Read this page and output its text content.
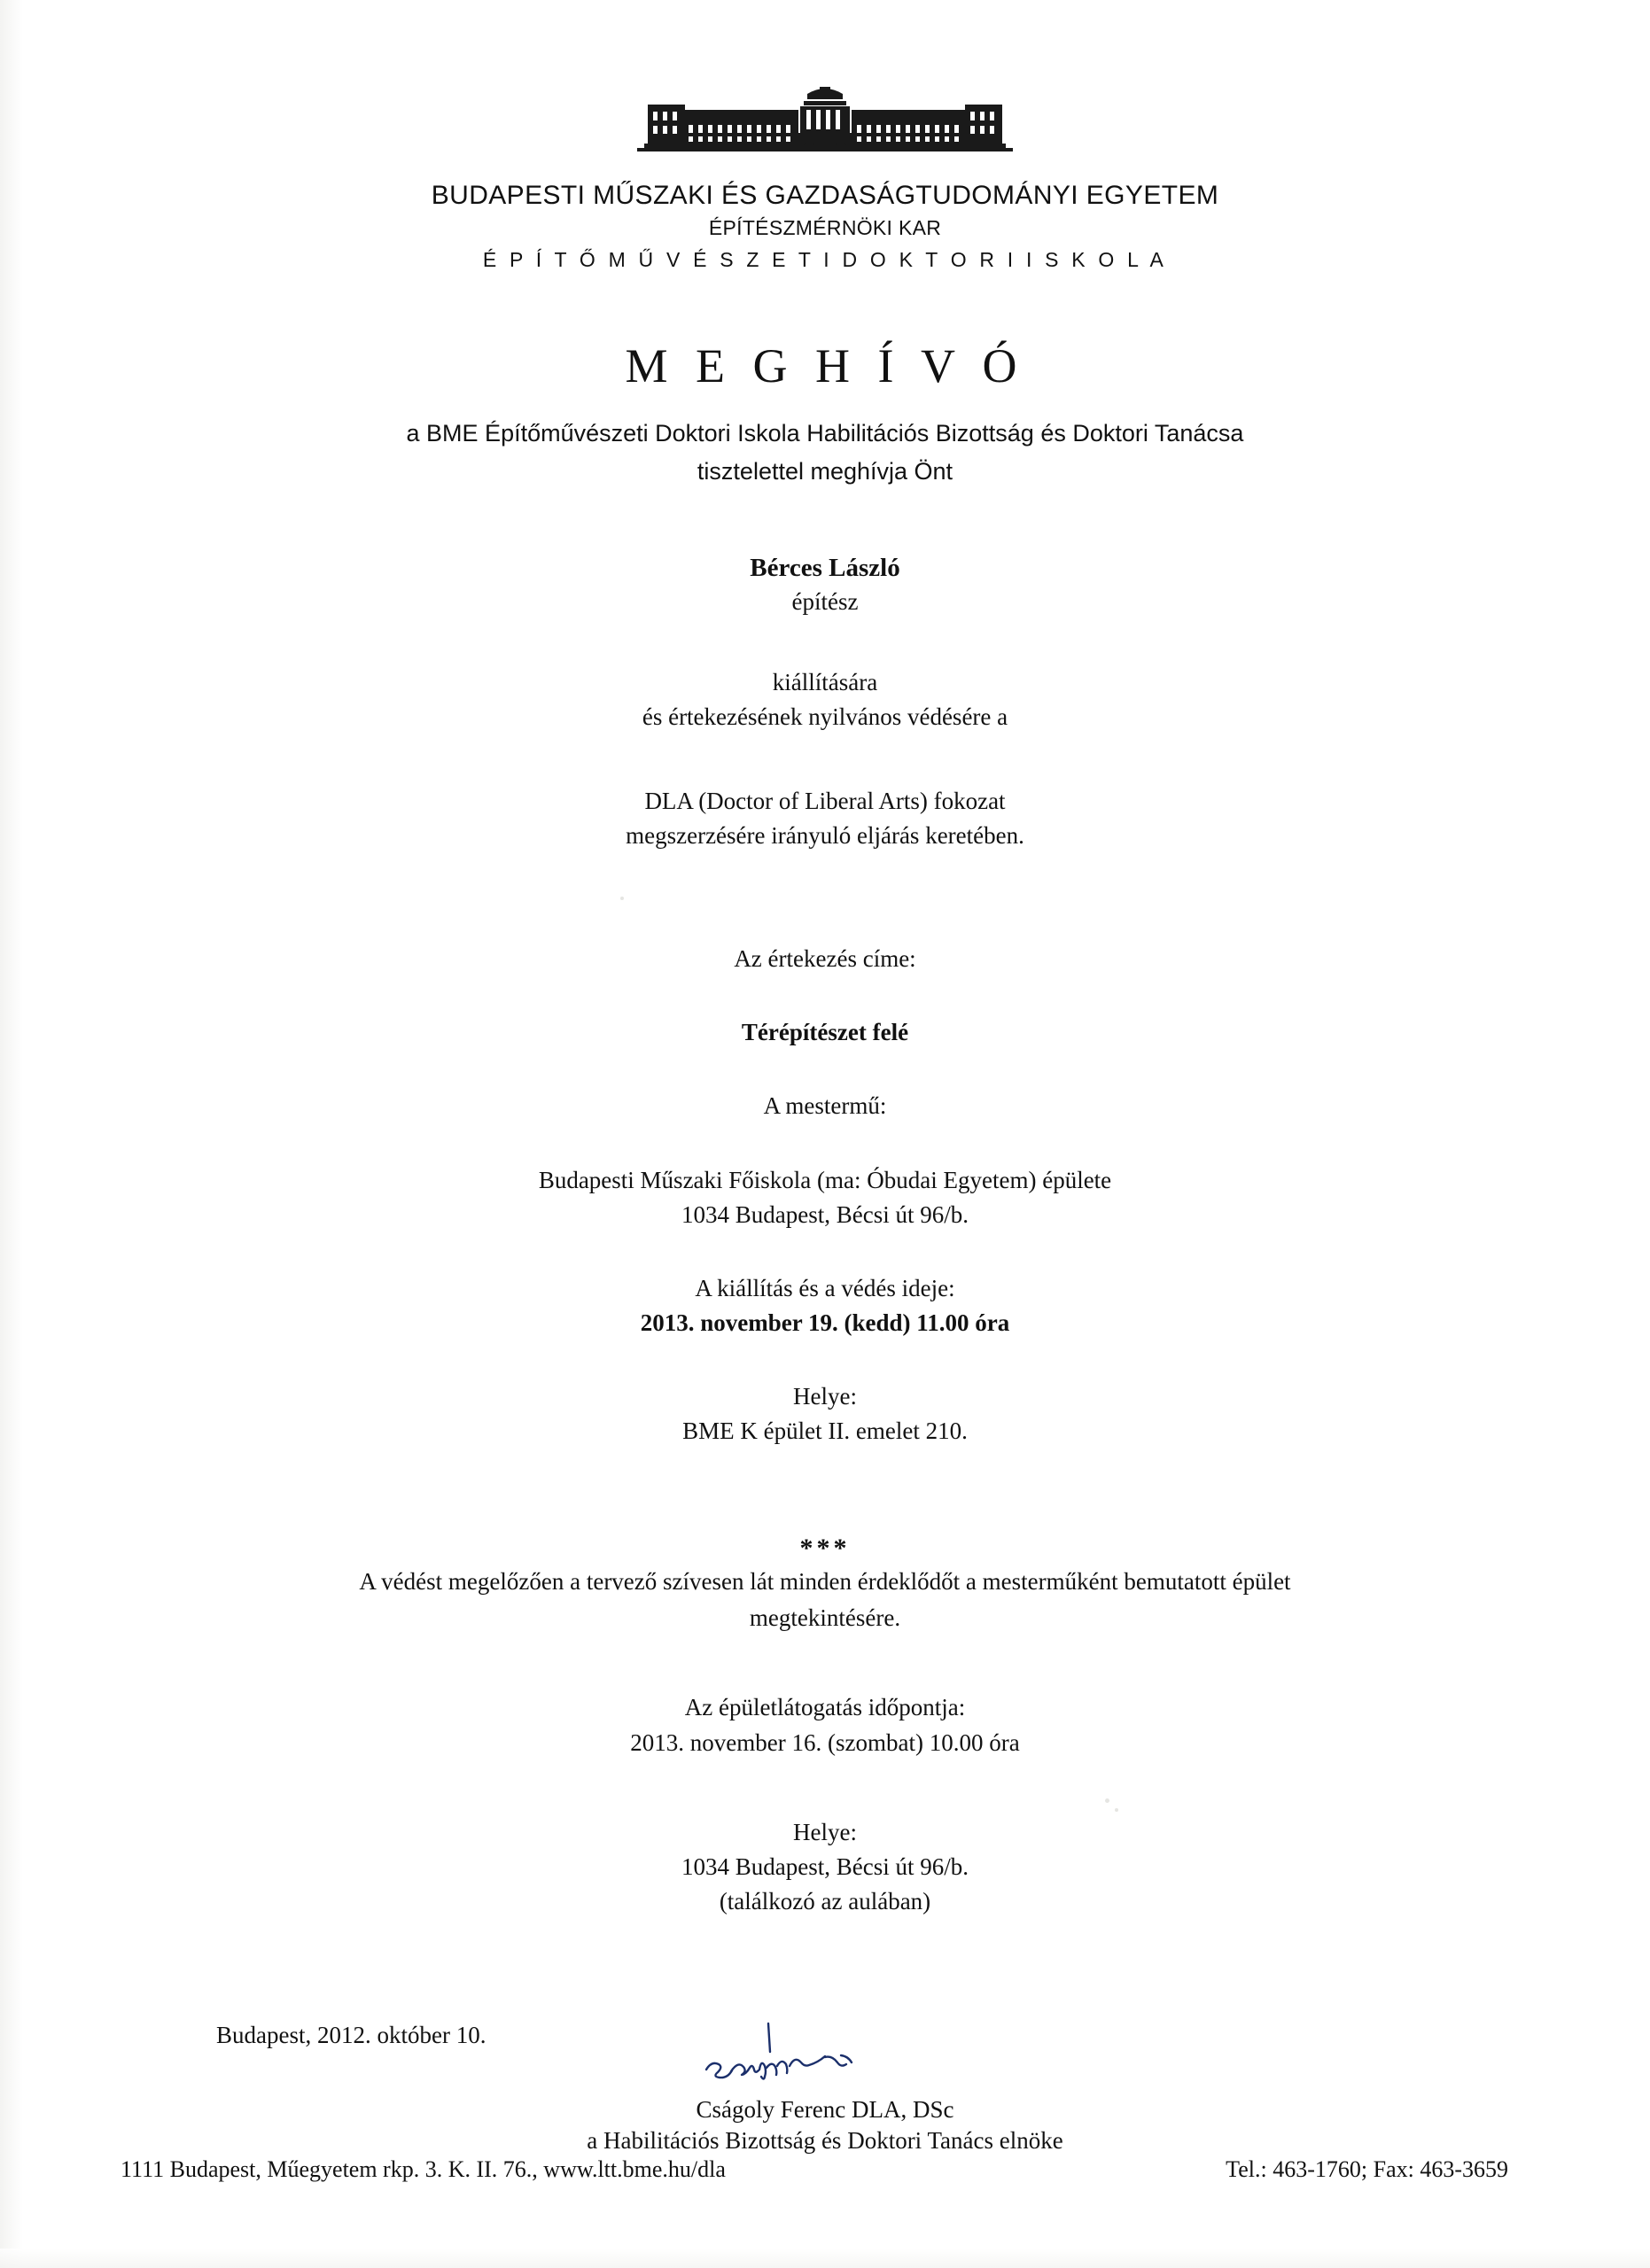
BUDAPESTI MŰSZAKI ÉS GAZDASÁGTUDOMÁNYI EGYETEM
ÉPÍTÉSZMÉRNÖKI KAR
É P Í T Ő M Ű V É S Z E T I D O K T O R I I S K O L A
M E G H Í V Ó
a BME Építőművészeti Doktori Iskola Habilitációs Bizottság és Doktori Tanácsa
tisztelettel meghívja Önt
Bérces László
építész
kiállítására
és értekezésének nyilvános védésére a
DLA (Doctor of Liberal Arts) fokozat
megszerzésére irányuló eljárás keretében.
Az értekezés címe:
Térépítészet felé
A mestermű:
Budapesti Műszaki Főiskola (ma: Óbudai Egyetem) épülete
1034 Budapest, Bécsi út 96/b.
A kiállítás és a védés ideje:
2013. november 19. (kedd) 11.00 óra
Helye:
BME K épület II. emelet 210.
***
A védést megelőzően a tervező szívesen lát minden érdeklődőt a mesterműként bemutatott épület
megtekintésére.
Az épületlátogatás időpontja:
2013. november 16. (szombat) 10.00 óra
Helye:
1034 Budapest, Bécsi út 96/b.
(találkozó az aulában)
Budapest, 2012. október 10.
Cságoly Ferenc DLA, DSc
a Habilitációs Bizottság és Doktori Tanács elnöke
1111 Budapest, Műegyetem rkp. 3. K. II. 76., www.ltt.bme.hu/dla	Tel.: 463-1760; Fax: 463-3659
